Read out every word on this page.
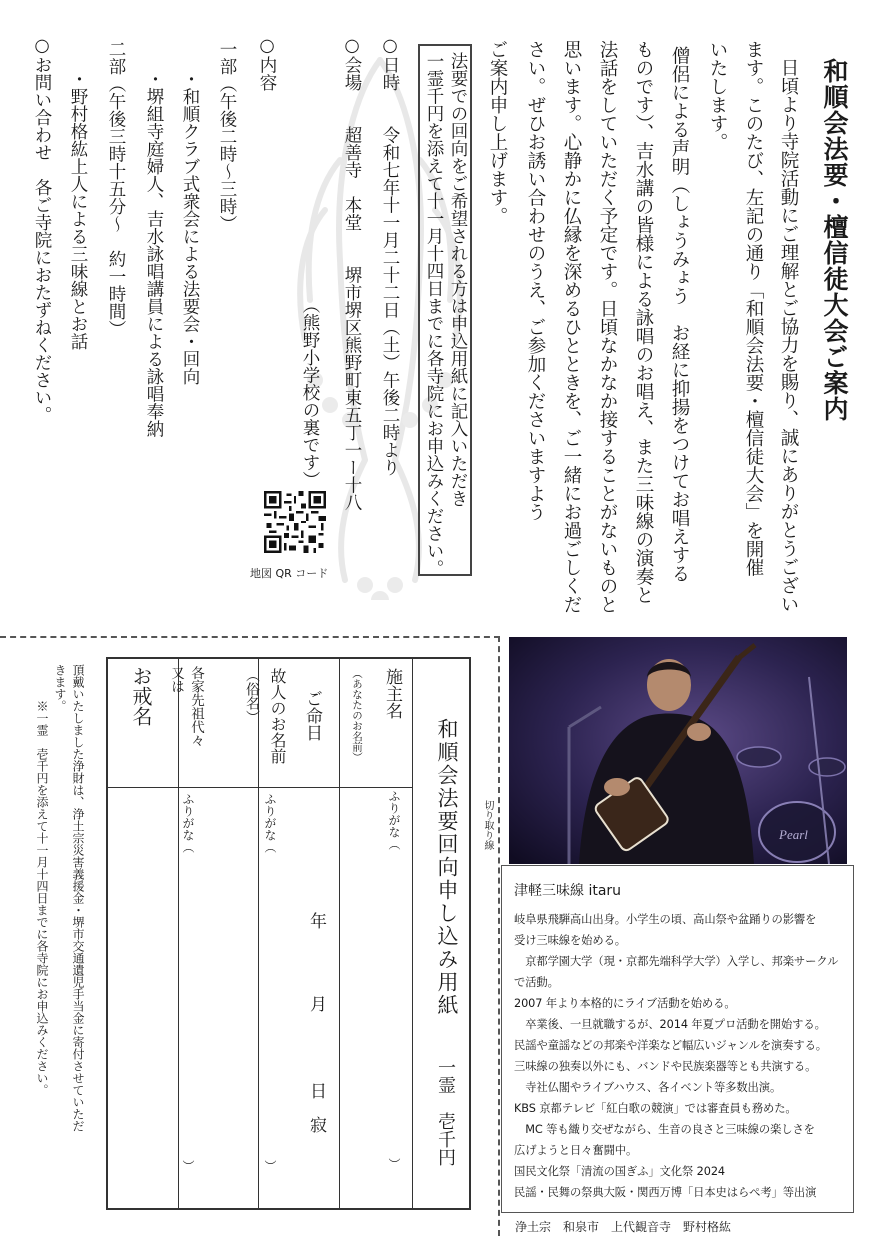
和順会法要・檀信徒大会ご案内
日頃より寺院活動にご理解とご協力を賜り、誠にありがとうござい
ます。このたび、左記の通り「和順会法要・檀信徒大会」を開催
いたします。
僧侶による声明（しょうみょう　お経に抑揚をつけてお唱えする
ものです）、吉水講の皆様による詠唱のお唱え、また三味線の演奏と
法話をしていただく予定です。日頃なかなか接することがないものと
思います。心静かに仏縁を深めるひとときを、ご一緒にお過ごしくだ
さい。ぜひお誘い合わせのうえ、ご参加くださいますよう
ご案内申し上げます。
法要での回向をご希望される方は申込用紙に記入いただき
一霊千円を添えて十一月十四日までに各寺院にお申込みください。
○日時　　令和七年十一月二十二日（土）午後二時より
○会場　　超善寺　本堂　　堺市堺区熊野町東五丁一ー十八
（熊野小学校の裏です）
○内容
一部（午後二時〜三時）
・和順クラブ式衆会による法要会・回向
・堺組寺庭婦人、吉水詠唱講員による詠唱奉納
二部（午後三時十五分〜　約一時間）
・野村格紘上人による三味線とお話
○お問い合わせ　各ご寺院におたずねください。
地図 QR コード
切り取り線
和順会法要回向申し込み用紙
一霊　壱千円
施主名
（あなたのお名前）
ふりがな（
）
ご命日
年
月
日
寂
故人のお名前
（俗名）
ふりがな（
）
各家先祖代々
又は
お戒名
ふりがな（
）
頂戴いたしました浄財は、浄土宗災害義援金・堺市交通遺児手当金に寄付させていただ
きます。
※一霊　壱千円を添えて十一月十四日までに各寺院にお申込みください。	Pearl
津軽三味線 itaru

岐阜県飛騨高山出身。小学生の頃、高山祭や盆踊りの影響を

受け三味線を始める。

　京都学園大学（現・京都先端科学大学）入学し、邦楽サークル

で活動。

2007 年より本格的にライブ活動を始める。

　卒業後、一旦就職するが、2014 年夏プロ活動を開始する。

民謡や童謡などの邦楽や洋楽など幅広いジャンルを演奏する。

三味線の独奏以外にも、バンドや民族楽器等とも共演する。

　寺社仏閣やライブハウス、各イベント等多数出演。

KBS 京都テレビ「紅白歌の競演」では審査員も務めた。

　MC 等も織り交ぜながら、生音の良さと三味線の楽しさを

広げようと日々奮闘中。

国民文化祭「清流の国ぎふ」文化祭 2024

民謡・民舞の祭典大阪・関西万博「日本史はらぺ考」等出演

浄土宗　和泉市　上代観音寺　野村格紘
